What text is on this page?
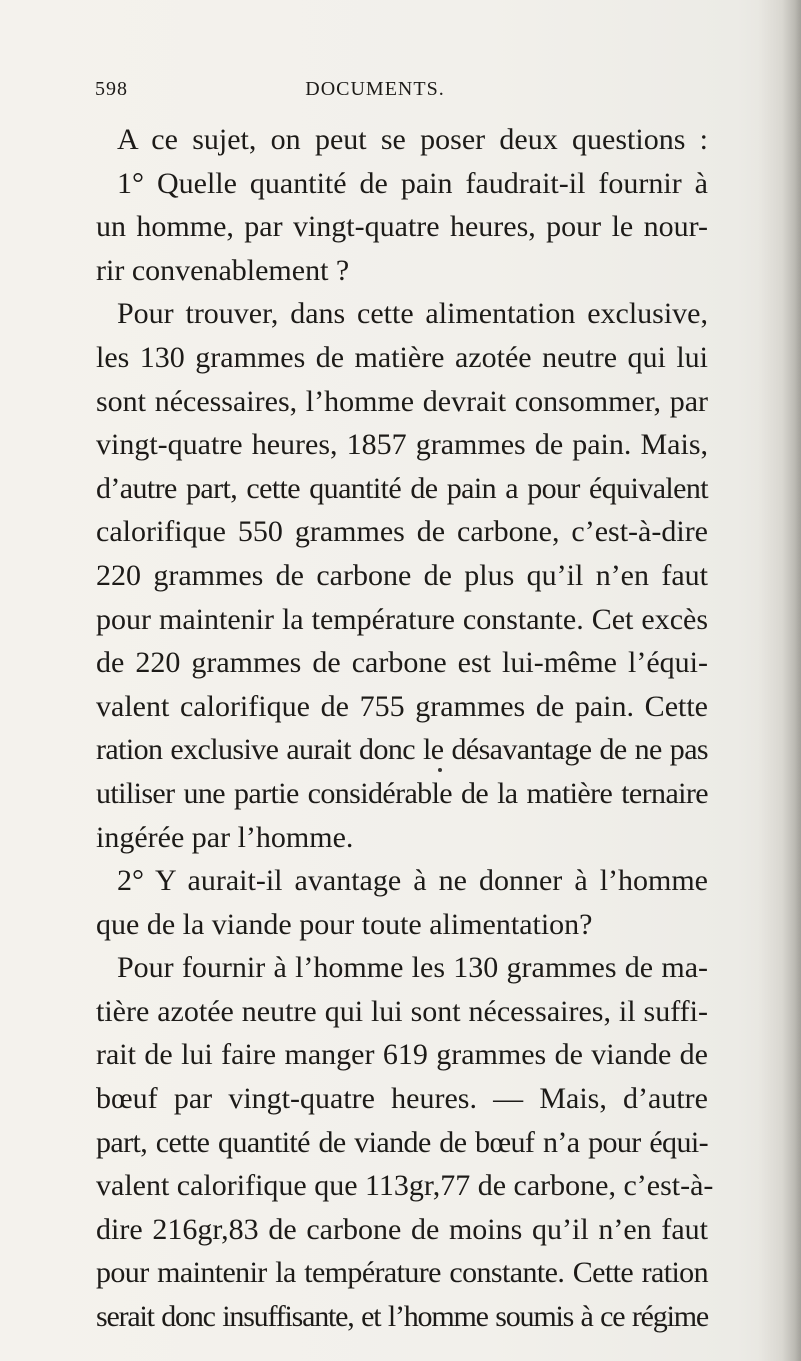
598	DOCUMENTS.
A ce sujet, on peut se poser deux questions :
1° Quelle quantité de pain faudrait-il fournir à
un homme, par vingt-quatre heures, pour le nour-
rir convenablement ?
Pour trouver, dans cette alimentation exclusive,
les 130 grammes de matière azotée neutre qui lui
sont nécessaires, l’homme devrait consommer, par
vingt-quatre heures, 1857 grammes de pain. Mais,
d’autre part, cette quantité de pain a pour équivalent
calorifique 550 grammes de carbone, c’est-à-dire
220 grammes de carbone de plus qu’il n’en faut
pour maintenir la température constante. Cet excès
de 220 grammes de carbone est lui-même l’équi-
valent calorifique de 755 grammes de pain. Cette
ration exclusive aurait donc le désavantage de ne pas
utiliser une partie considérable de la matière ternaire
ingérée par l’homme.
2° Y aurait-il avantage à ne donner à l’homme
que de la viande pour toute alimentation?
Pour fournir à l’homme les 130 grammes de ma-
tière azotée neutre qui lui sont nécessaires, il suffi-
rait de lui faire manger 619 grammes de viande de
bœuf par vingt-quatre heures. — Mais, d’autre
part, cette quantité de viande de bœuf n’a pour équi-
valent calorifique que 113gr,77 de carbone, c’est-à-
dire 216gr,83 de carbone de moins qu’il n’en faut
pour maintenir la température constante. Cette ration
serait donc insuffisante, et l’homme soumis à ce régime
